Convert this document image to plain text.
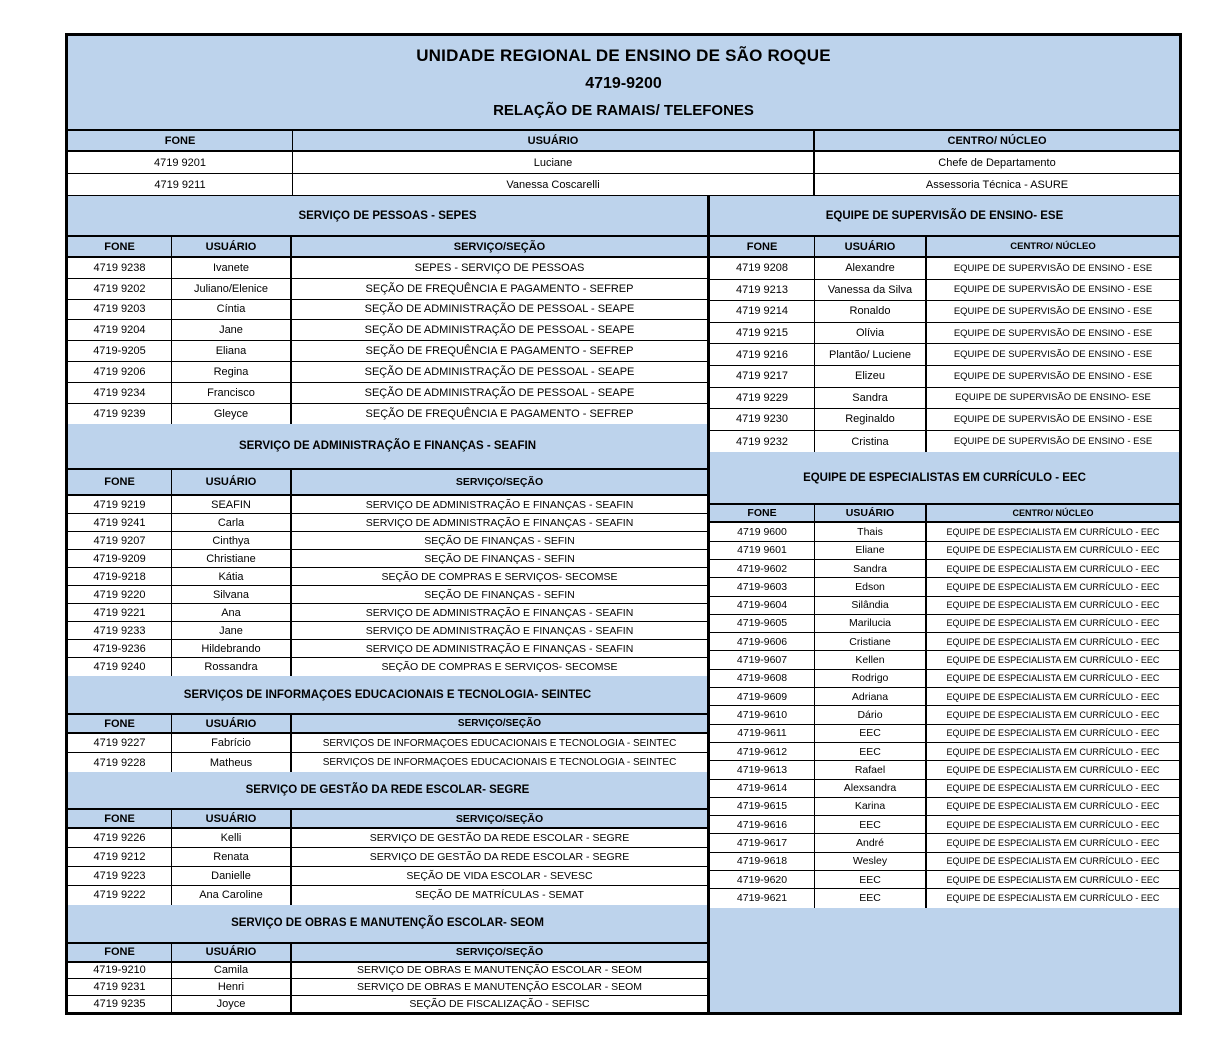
UNIDADE REGIONAL DE ENSINO DE SÃO ROQUE
4719-9200
RELAÇÃO DE RAMAIS/ TELEFONES
FONE	USUÁRIO	CENTRO/ NÚCLEO
4719 9201	Luciane	Chefe de Departamento
4719 9211	Vanessa Coscarelli	Assessoria Técnica - ASURE
SERVIÇO DE PESSOAS - SEPES
FONE	USUÁRIO	SERVIÇO/SEÇÃO
4719 9238	Ivanete	SEPES - SERVIÇO DE PESSOAS
4719 9202	Juliano/Elenice	SEÇÃO DE FREQUÊNCIA E PAGAMENTO - SEFREP
4719 9203	Cíntia	SEÇÃO DE ADMINISTRAÇÃO DE PESSOAL - SEAPE
4719 9204	Jane	SEÇÃO DE ADMINISTRAÇÃO DE PESSOAL - SEAPE
4719-9205	Eliana	SEÇÃO DE FREQUÊNCIA E PAGAMENTO - SEFREP
4719 9206	Regina	SEÇÃO DE ADMINISTRAÇÃO DE PESSOAL - SEAPE
4719 9234	Francisco	SEÇÃO DE ADMINISTRAÇÃO DE PESSOAL - SEAPE
4719 9239	Gleyce	SEÇÃO DE FREQUÊNCIA E PAGAMENTO - SEFREP
SERVIÇO DE ADMINISTRAÇÃO E FINANÇAS - SEAFIN
FONE	USUÁRIO	SERVIÇO/SEÇÃO
4719 9219	SEAFIN	SERVIÇO DE ADMINISTRAÇÃO E FINANÇAS - SEAFIN
4719 9241	Carla	SERVIÇO DE ADMINISTRAÇÃO E FINANÇAS - SEAFIN
4719 9207	Cinthya	SEÇÃO DE FINANÇAS - SEFIN
4719-9209	Christiane	SEÇÃO DE FINANÇAS - SEFIN
4719-9218	Kátia	SEÇÃO DE COMPRAS E SERVIÇOS- SECOMSE
4719 9220	Silvana	SEÇÃO DE FINANÇAS - SEFIN
4719 9221	Ana	SERVIÇO DE ADMINISTRAÇÃO E FINANÇAS - SEAFIN
4719 9233	Jane	SERVIÇO DE ADMINISTRAÇÃO E FINANÇAS - SEAFIN
4719-9236	Hildebrando	SERVIÇO DE ADMINISTRAÇÃO E FINANÇAS - SEAFIN
4719 9240	Rossandra	SEÇÃO DE COMPRAS E SERVIÇOS- SECOMSE
SERVIÇOS DE INFORMAÇOES EDUCACIONAIS E TECNOLOGIA- SEINTEC
FONE	USUÁRIO	SERVIÇO/SEÇÃO
4719 9227	Fabrício	SERVIÇOS DE INFORMAÇOES EDUCACIONAIS E TECNOLOGIA - SEINTEC
4719 9228	Matheus	SERVIÇOS DE INFORMAÇOES EDUCACIONAIS E TECNOLOGIA - SEINTEC
SERVIÇO DE GESTÃO DA REDE ESCOLAR- SEGRE
FONE	USUÁRIO	SERVIÇO/SEÇÃO
4719 9226	Kelli	SERVIÇO DE GESTÃO DA REDE ESCOLAR - SEGRE
4719 9212	Renata	SERVIÇO DE GESTÃO DA REDE ESCOLAR - SEGRE
4719 9223	Danielle	SEÇÃO DE VIDA ESCOLAR - SEVESC
4719 9222	Ana Caroline	SEÇÃO DE MATRÍCULAS - SEMAT
SERVIÇO DE OBRAS E MANUTENÇÃO ESCOLAR- SEOM
FONE	USUÁRIO	SERVIÇO/SEÇÃO
4719-9210	Camila	SERVIÇO DE OBRAS E MANUTENÇÃO ESCOLAR - SEOM
4719 9231	Henri	SERVIÇO DE OBRAS E MANUTENÇÃO ESCOLAR - SEOM
4719 9235	Joyce	SEÇÃO DE FISCALIZAÇÃO - SEFISC
EQUIPE DE SUPERVISÃO DE ENSINO- ESE
FONE	USUÁRIO	CENTRO/ NÚCLEO
4719 9208	Alexandre	EQUIPE DE SUPERVISÃO DE ENSINO - ESE
4719 9213	Vanessa da Silva	EQUIPE DE SUPERVISÃO DE ENSINO - ESE
4719 9214	Ronaldo	EQUIPE DE SUPERVISÃO DE ENSINO - ESE
4719 9215	Olívia	EQUIPE DE SUPERVISÃO DE ENSINO - ESE
4719 9216	Plantão/ Luciene	EQUIPE DE SUPERVISÃO DE ENSINO - ESE
4719 9217	Elizeu	EQUIPE DE SUPERVISÃO DE ENSINO - ESE
4719 9229	Sandra	EQUIPE DE SUPERVISÃO DE ENSINO- ESE
4719 9230	Reginaldo	EQUIPE DE SUPERVISÃO DE ENSINO - ESE
4719 9232	Cristina	EQUIPE DE SUPERVISÃO DE ENSINO - ESE
EQUIPE DE ESPECIALISTAS EM CURRÍCULO - EEC
FONE	USUÁRIO	CENTRO/ NÚCLEO
4719 9600	Thais	EQUIPE DE ESPECIALISTA EM CURRÍCULO - EEC
4719 9601	Eliane	EQUIPE DE ESPECIALISTA EM CURRÍCULO - EEC
4719-9602	Sandra	EQUIPE DE ESPECIALISTA EM CURRÍCULO - EEC
4719-9603	Edson	EQUIPE DE ESPECIALISTA EM CURRÍCULO - EEC
4719-9604	Silândia	EQUIPE DE ESPECIALISTA EM CURRÍCULO - EEC
4719-9605	Marilucia	EQUIPE DE ESPECIALISTA EM CURRÍCULO - EEC
4719-9606	Cristiane	EQUIPE DE ESPECIALISTA EM CURRÍCULO - EEC
4719-9607	Kellen	EQUIPE DE ESPECIALISTA EM CURRÍCULO - EEC
4719-9608	Rodrigo	EQUIPE DE ESPECIALISTA EM CURRÍCULO - EEC
4719-9609	Adriana	EQUIPE DE ESPECIALISTA EM CURRÍCULO - EEC
4719-9610	Dário	EQUIPE DE ESPECIALISTA EM CURRÍCULO - EEC
4719-9611	EEC	EQUIPE DE ESPECIALISTA EM CURRÍCULO - EEC
4719-9612	EEC	EQUIPE DE ESPECIALISTA EM CURRÍCULO - EEC
4719-9613	Rafael	EQUIPE DE ESPECIALISTA EM CURRÍCULO - EEC
4719-9614	Alexsandra	EQUIPE DE ESPECIALISTA EM CURRÍCULO - EEC
4719-9615	Karina	EQUIPE DE ESPECIALISTA EM CURRÍCULO - EEC
4719-9616	EEC	EQUIPE DE ESPECIALISTA EM CURRÍCULO - EEC
4719-9617	André	EQUIPE DE ESPECIALISTA EM CURRÍCULO - EEC
4719-9618	Wesley	EQUIPE DE ESPECIALISTA EM CURRÍCULO - EEC
4719-9620	EEC	EQUIPE DE ESPECIALISTA EM CURRÍCULO - EEC
4719-9621	EEC	EQUIPE DE ESPECIALISTA EM CURRÍCULO - EEC
